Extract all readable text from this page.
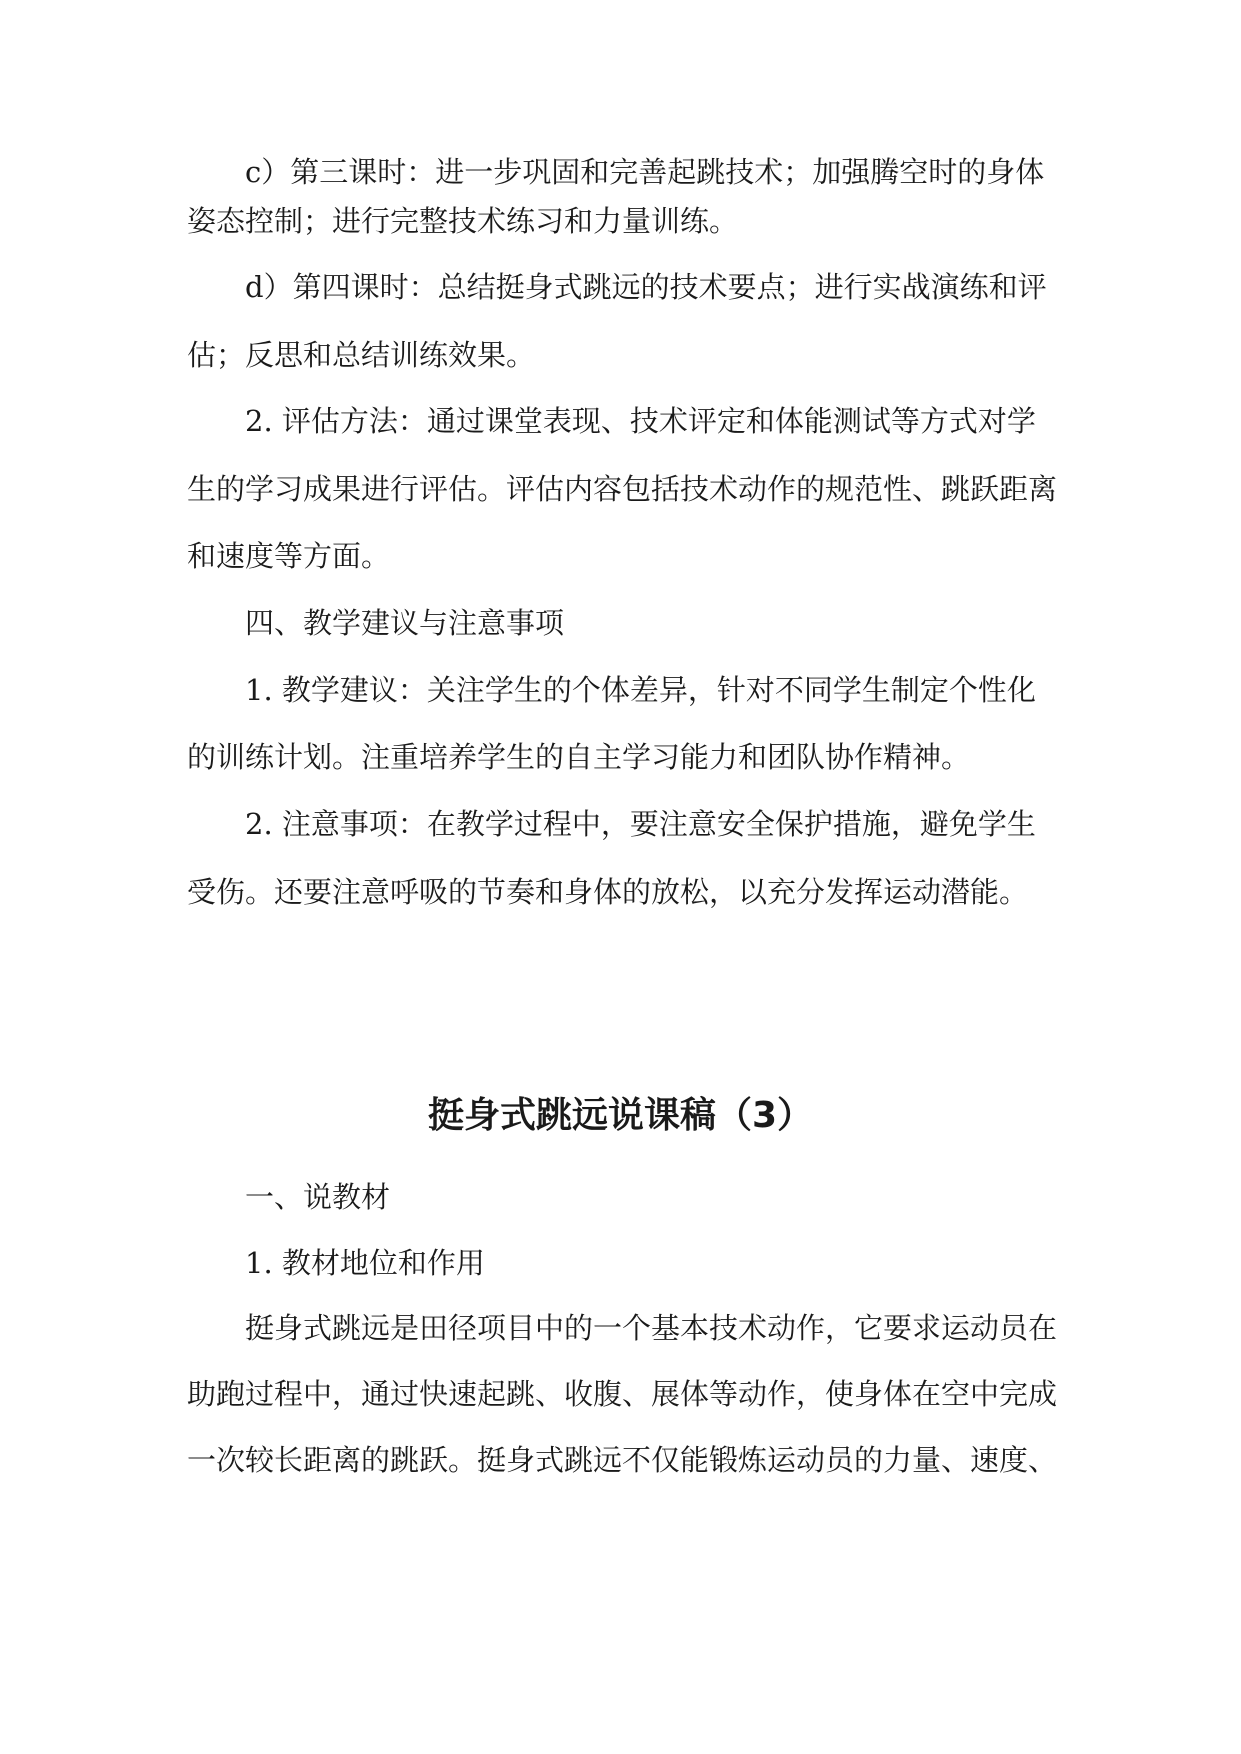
c）第三课时：进一步巩固和完善起跳技术；加强腾空时的身体
姿态控制；进行完整技术练习和力量训练。
d）第四课时：总结挺身式跳远的技术要点；进行实战演练和评
估；反思和总结训练效果。
2. 评估方法：通过课堂表现、技术评定和体能测试等方式对学
生的学习成果进行评估。评估内容包括技术动作的规范性、跳跃距离
和速度等方面。
四、教学建议与注意事项
1. 教学建议：关注学生的个体差异，针对不同学生制定个性化
的训练计划。注重培养学生的自主学习能力和团队协作精神。
2. 注意事项：在教学过程中，要注意安全保护措施，避免学生
受伤。还要注意呼吸的节奏和身体的放松，以充分发挥运动潜能。
挺身式跳远说课稿（3）
一、说教材
1. 教材地位和作用
挺身式跳远是田径项目中的一个基本技术动作，它要求运动员在
助跑过程中，通过快速起跳、收腹、展体等动作，使身体在空中完成
一次较长距离的跳跃。挺身式跳远不仅能锻炼运动员的力量、速度、
